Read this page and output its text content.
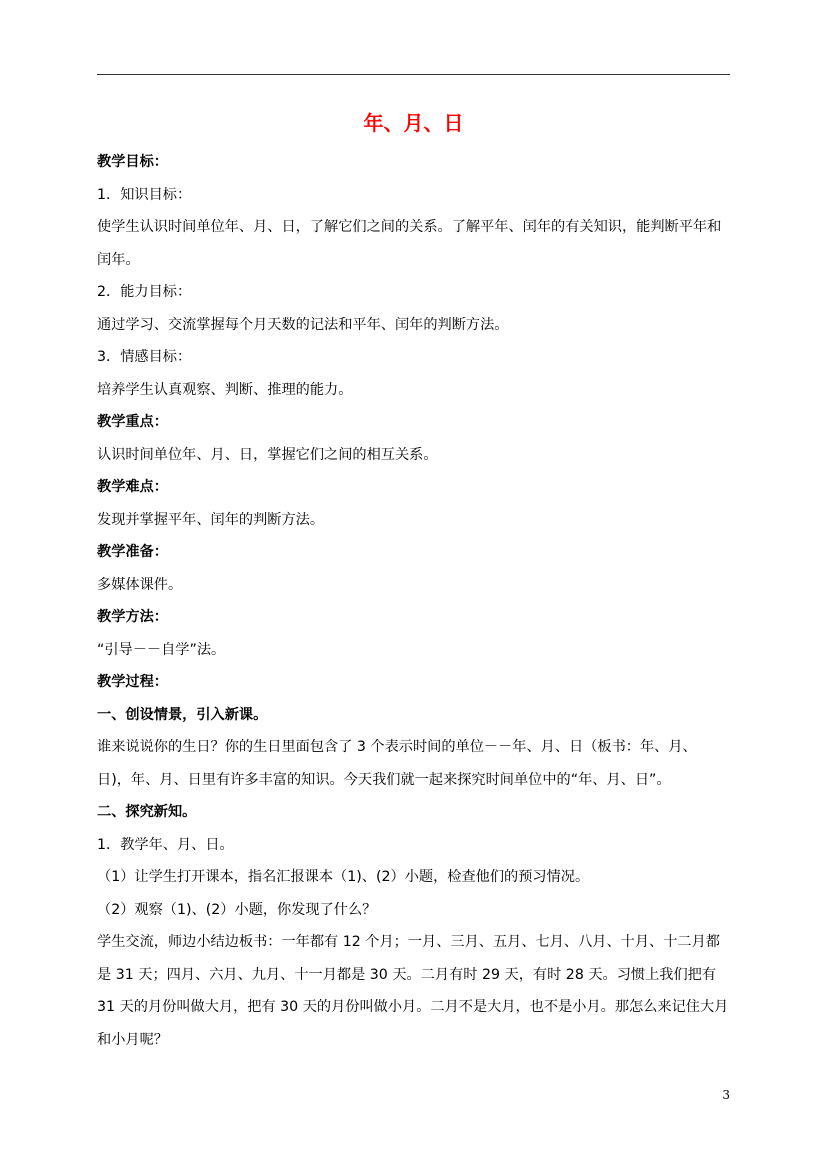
年、月、日

教学目标：

1．知识目标：

使学生认识时间单位年、月、日，了解它们之间的关系。了解平年、闰年的有关知识，能判断平年和闰年。

2．能力目标：

通过学习、交流掌握每个月天数的记法和平年、闰年的判断方法。

3．情感目标：

培养学生认真观察、判断、推理的能力。

教学重点：

认识时间单位年、月、日，掌握它们之间的相互关系。

教学难点：

发现并掌握平年、闰年的判断方法。

教学准备：

多媒体课件。

教学方法：

“引导－－自学”法。

教学过程：

一、创设情景，引入新课。

谁来说说你的生日？你的生日里面包含了 3 个表示时间的单位－－年、月、日（板书：年、月、日)，年、月、日里有许多丰富的知识。今天我们就一起来探究时间单位中的“年、月、日”。

二、探究新知。

1．教学年、月、日。

（1）让学生打开课本，指名汇报课本（1)、(2）小题，检查他们的预习情况。

（2）观察（1)、(2）小题，你发现了什么？

学生交流，师边小结边板书：一年都有 12 个月；一月、三月、五月、七月、八月、十月、十二月都是 31 天；四月、六月、九月、十一月都是 30 天。二月有时 29 天，有时 28 天。习惯上我们把有 31 天的月份叫做大月，把有 30 天的月份叫做小月。二月不是大月，也不是小月。那怎么来记住大月和小月呢？

3
